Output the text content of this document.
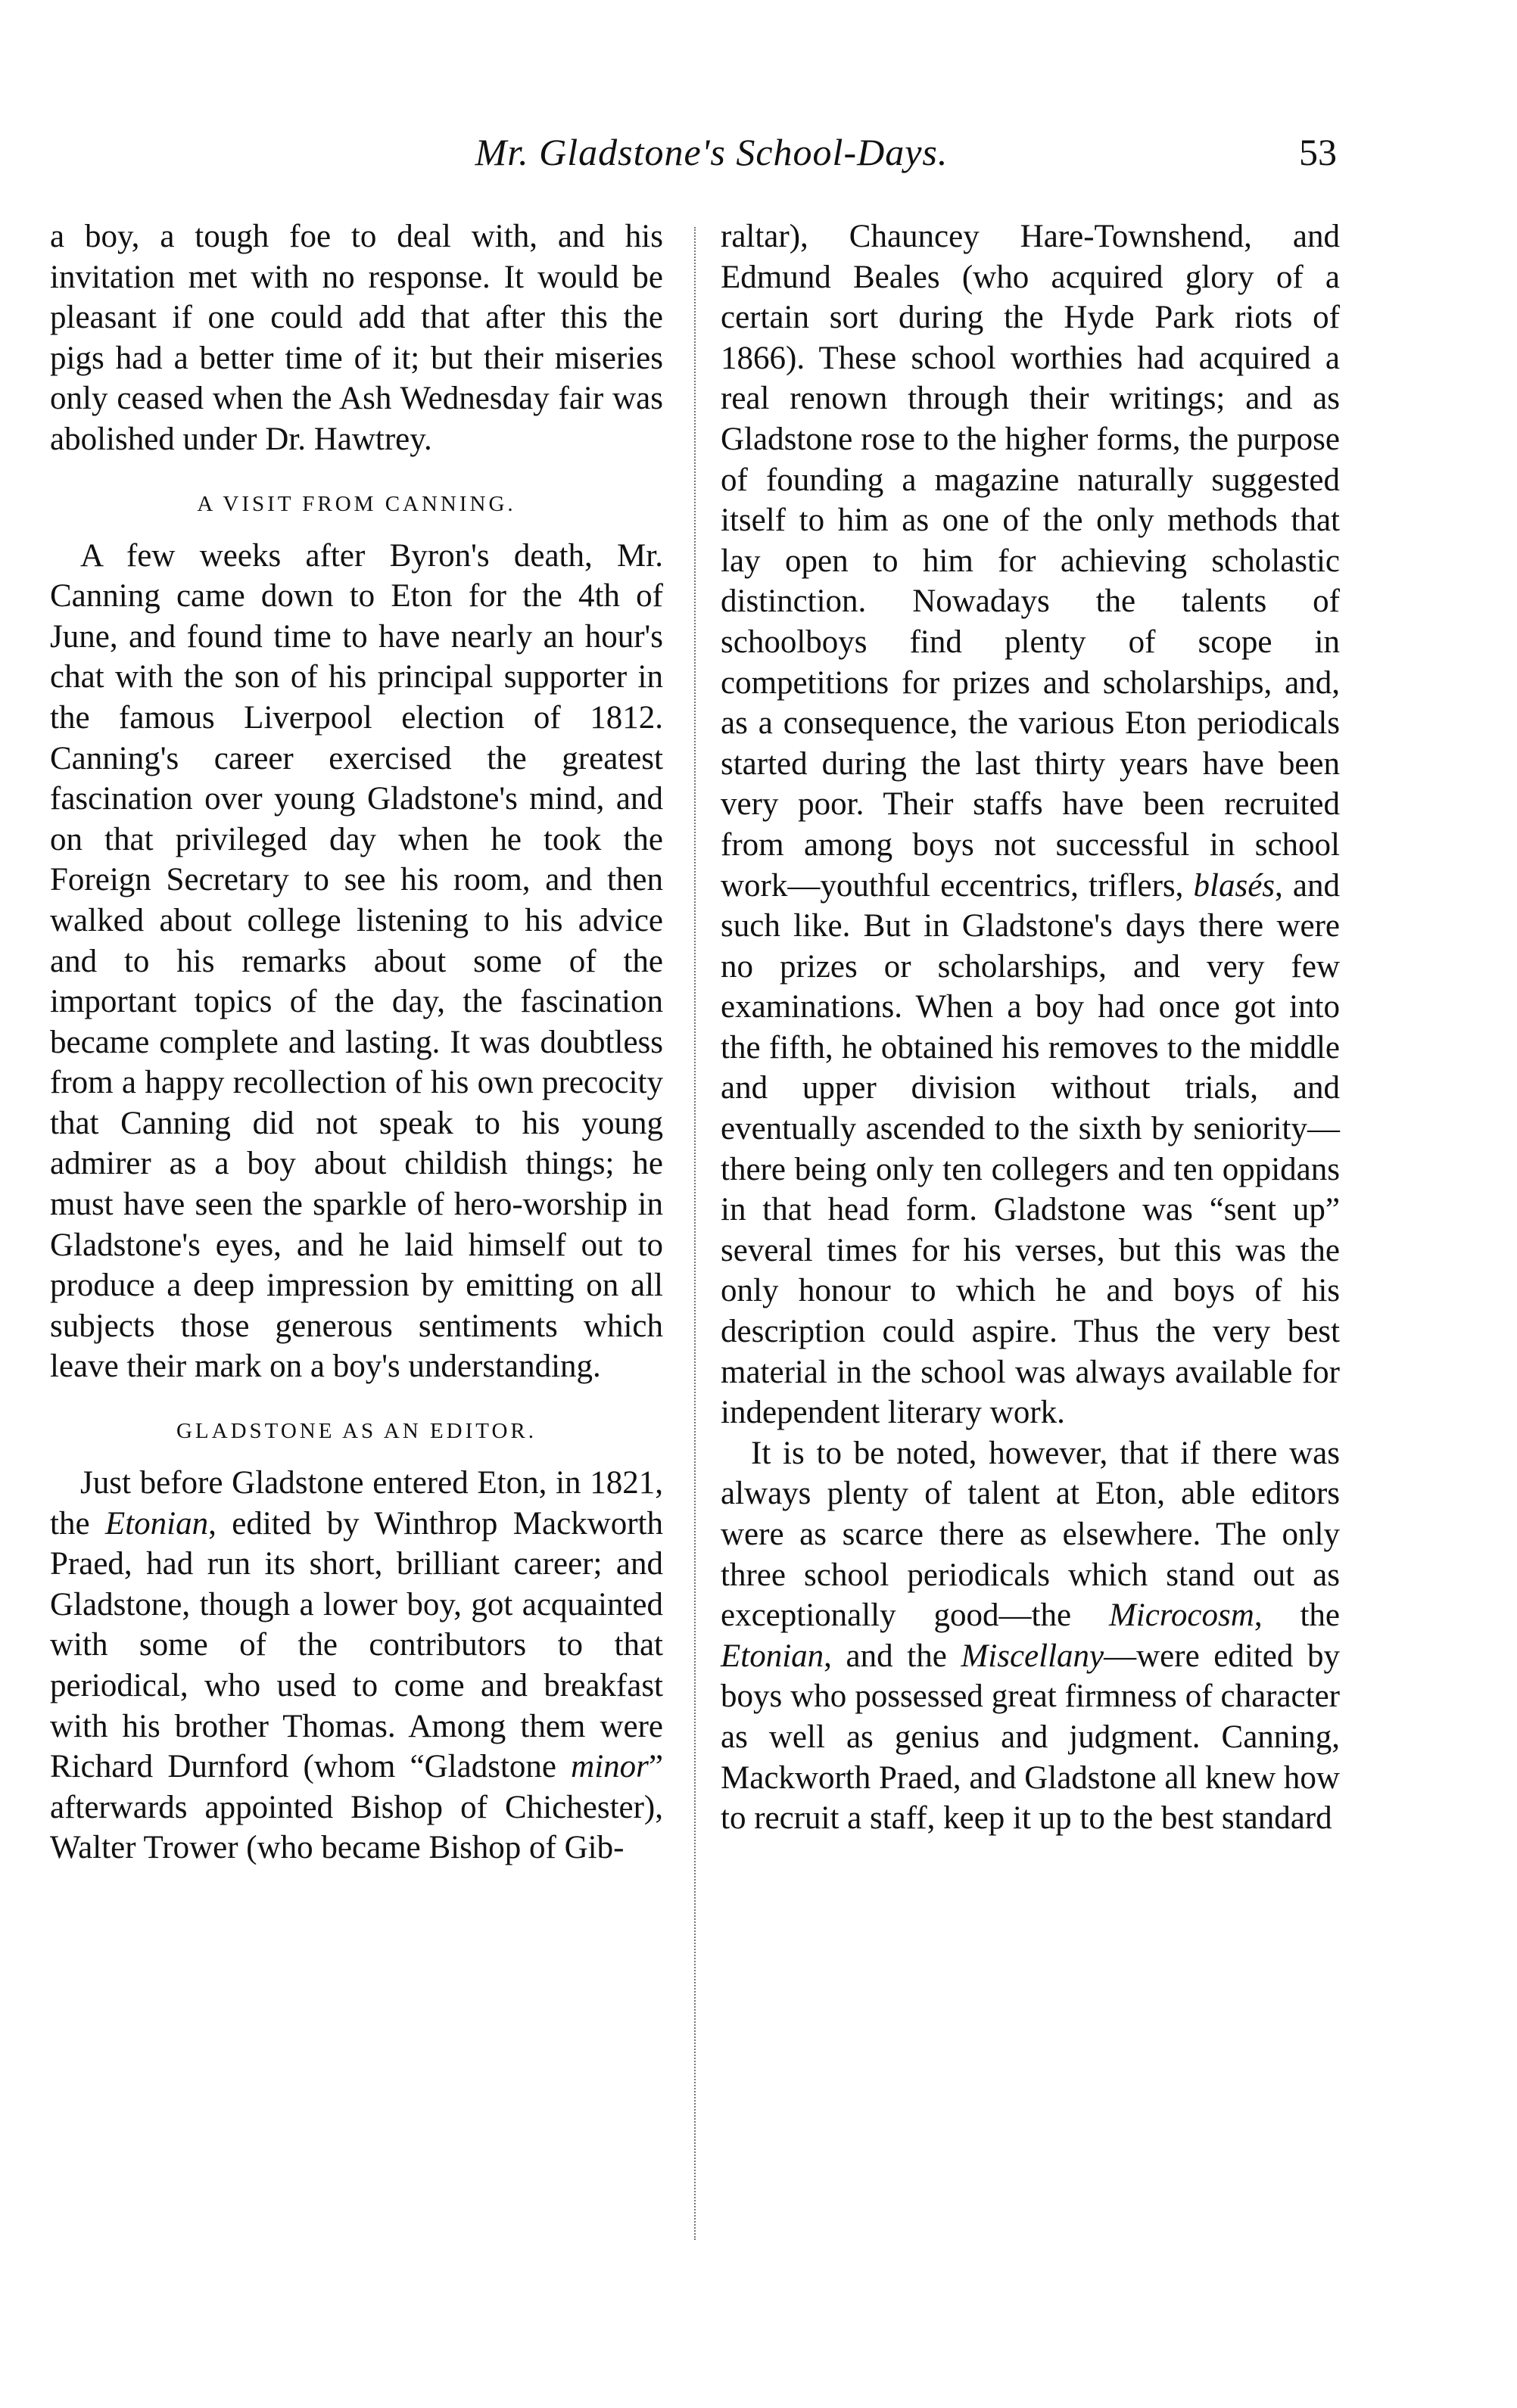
Mr. Gladstone's School-Days.	53

a boy, a tough foe to deal with, and his invitation met with no response. It would be pleasant if one could add that after this the pigs had a better time of it; but their miseries only ceased when the Ash Wednesday fair was abolished under Dr. Hawtrey.

A VISIT FROM CANNING.

A few weeks after Byron's death, Mr. Canning came down to Eton for the 4th of June, and found time to have nearly an hour's chat with the son of his principal supporter in the famous Liverpool election of 1812. Canning's career exercised the greatest fascination over young Gladstone's mind, and on that privileged day when he took the Foreign Secretary to see his room, and then walked about college listening to his advice and to his remarks about some of the important topics of the day, the fascination became complete and lasting. It was doubtless from a happy recollection of his own precocity that Canning did not speak to his young admirer as a boy about childish things; he must have seen the sparkle of hero-worship in Gladstone's eyes, and he laid himself out to produce a deep impression by emitting on all subjects those generous sentiments which leave their mark on a boy's understanding.

GLADSTONE AS AN EDITOR.

Just before Gladstone entered Eton, in 1821, the Etonian, edited by Winthrop Mackworth Praed, had run its short, brilliant career; and Gladstone, though a lower boy, got acquainted with some of the contributors to that periodical, who used to come and breakfast with his brother Thomas. Among them were Richard Durnford (whom “Gladstone minor” afterwards appointed Bishop of Chichester), Walter Trower (who became Bishop of Gib-

raltar), Chauncey Hare-Townshend, and Edmund Beales (who acquired glory of a certain sort during the Hyde Park riots of 1866). These school worthies had acquired a real renown through their writings; and as Gladstone rose to the higher forms, the purpose of founding a magazine naturally suggested itself to him as one of the only methods that lay open to him for achieving scholastic distinction. Nowadays the talents of schoolboys find plenty of scope in competitions for prizes and scholarships, and, as a consequence, the various Eton periodicals started during the last thirty years have been very poor. Their staffs have been recruited from among boys not successful in school work—youthful eccentrics, triflers, blasés, and such like. But in Gladstone's days there were no prizes or scholarships, and very few examinations. When a boy had once got into the fifth, he obtained his removes to the middle and upper division without trials, and eventually ascended to the sixth by seniority—there being only ten collegers and ten oppidans in that head form. Gladstone was “sent up” several times for his verses, but this was the only honour to which he and boys of his description could aspire. Thus the very best material in the school was always available for independent literary work.

It is to be noted, however, that if there was always plenty of talent at Eton, able editors were as scarce there as elsewhere. The only three school periodicals which stand out as exceptionally good—the Microcosm, the Etonian, and the Miscellany—were edited by boys who possessed great firmness of character as well as genius and judgment. Canning, Mackworth Praed, and Gladstone all knew how to recruit a staff, keep it up to the best standard
